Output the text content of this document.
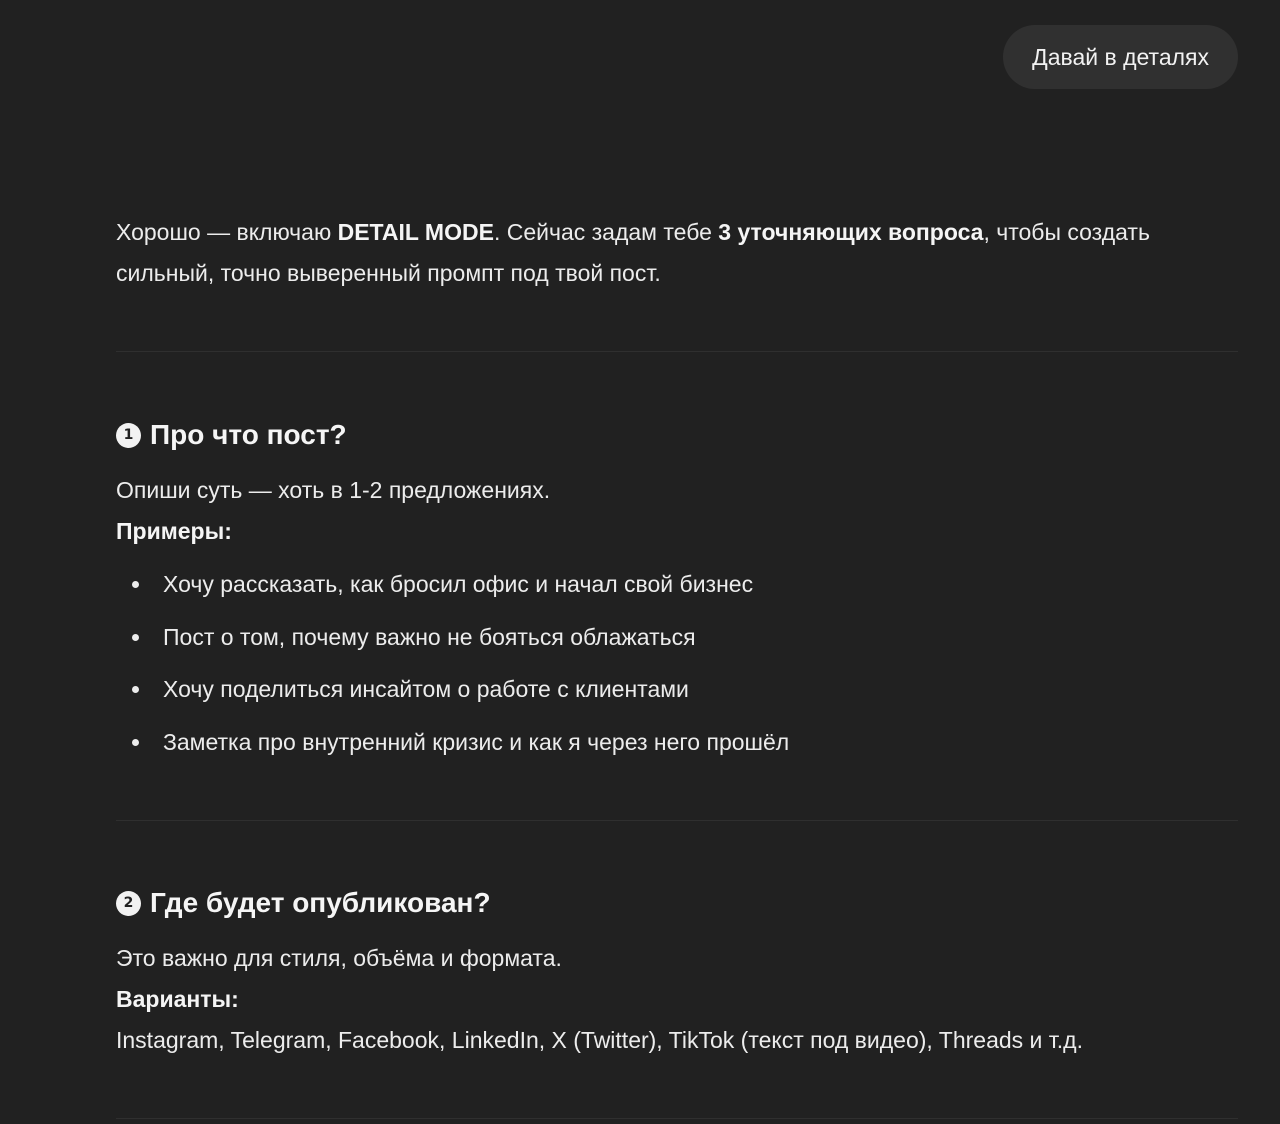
Давай в деталях

Хорошо — включаю DETAIL MODE. Сейчас задам тебе 3 уточняющих вопроса, чтобы создать сильный, точно выверенный промпт под твой пост.

1 Про что пост?

Опиши суть — хоть в 1-2 предложениях.

Примеры:

Хочу рассказать, как бросил офис и начал свой бизнес
Пост о том, почему важно не бояться облажаться
Хочу поделиться инсайтом о работе с клиентами
Заметка про внутренний кризис и как я через него прошёл
2 Где будет опубликован?

Это важно для стиля, объёма и формата.

Варианты:

Instagram, Telegram, Facebook, LinkedIn, X (Twitter), TikTok (текст под видео), Threads и т.д.
